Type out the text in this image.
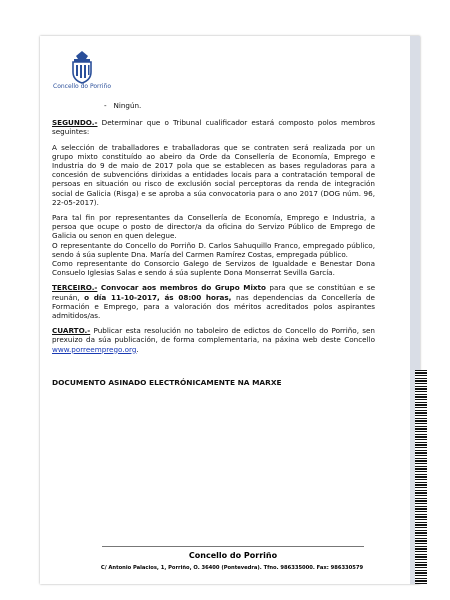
Concello do Porriño
- Ningún.

SEGUNDO.- Determinar que o Tribunal cualificador estará composto polos membros seguintes:

A selección de traballadores e traballadoras que se contraten será realizada por un grupo mixto constituído ao abeiro da Orde da Consellería de Economía, Emprego e Industria do 9 de maio de 2017 pola que se establecen as bases reguladoras para a concesión de subvencións dirixidas a entidades locais para a contratación temporal de persoas en situación ou risco de exclusión social perceptoras da renda de integración social de Galicia (Risga) e se aproba a súa convocatoria para o ano 2017 (DOG núm. 96, 22-05-2017).

Para tal fin por representantes da Consellería de Economía, Emprego e Industria, a persoa que ocupe o posto de director/a da oficina do Servizo Público de Emprego de Galicia ou senon en quen delegue.

O representante do Concello do Porriño D. Carlos Sahuquillo Franco, empregado público, sendo á súa suplente Dna. María del Carmen Ramírez Costas, empregada público.

Como representante do Consorcio Galego de Servizos de Igualdade e Benestar Dona Consuelo Iglesias Salas e sendo á súa suplente Dona Monserrat Sevilla García.

TERCEIRO.- Convocar aos membros do Grupo Mixto para que se constitúan e se reunán, o día 11-10-2017, ás 08:00 horas, nas dependencias da Concellería de Formación e Emprego, para a valoración dos méritos acreditados polos aspirantes admitidos/as.

CUARTO.- Publicar esta resolución no taboleiro de edictos do Concello do Porriño, sen prexuizo da súa publicación, de forma complementaria, na páxina web deste Concello www.porreemprego.org.

DOCUMENTO ASINADO ELECTRÓNICAMENTE NA MARXE
Concello do Porriño
C/ Antonio Palacios, 1, Porriño, O. 36400 (Pontevedra). Tfno. 986335000. Fax: 986330579
